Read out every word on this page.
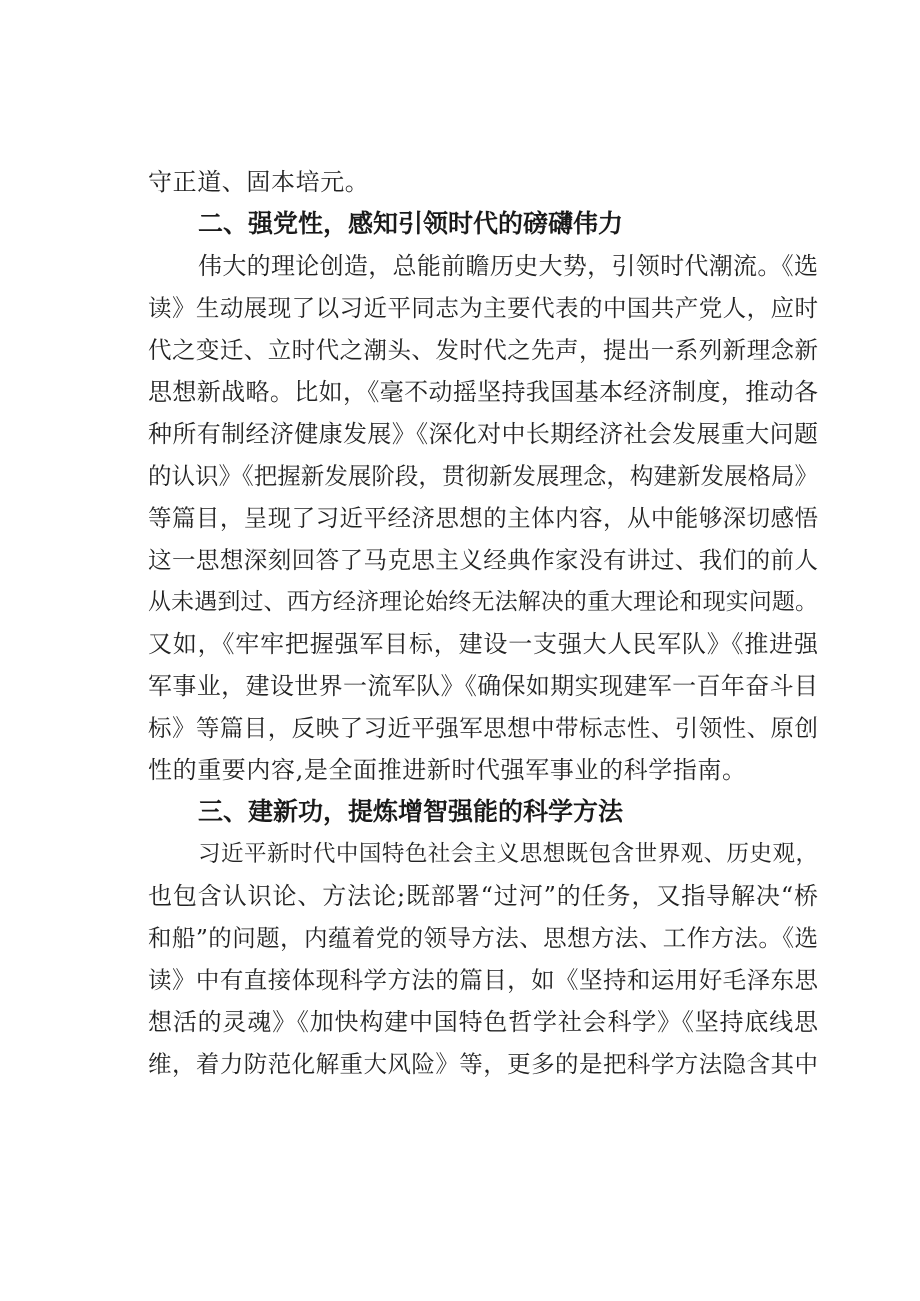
守正道、固本培元。
二、强党性，感知引领时代的磅礴伟力
伟大的理论创造，总能前瞻历史大势，引领时代潮流。《选
读》生动展现了以习近平同志为主要代表的中国共产党人，应时
代之变迁、立时代之潮头、发时代之先声，提出一系列新理念新
思想新战略。比如，《毫不动摇坚持我国基本经济制度，推动各
种所有制经济健康发展》《深化对中长期经济社会发展重大问题
的认识》《把握新发展阶段，贯彻新发展理念，构建新发展格局》
等篇目，呈现了习近平经济思想的主体内容，从中能够深切感悟
这一思想深刻回答了马克思主义经典作家没有讲过、我们的前人
从未遇到过、西方经济理论始终无法解决的重大理论和现实问题。
又如，《牢牢把握强军目标，建设一支强大人民军队》《推进强
军事业，建设世界一流军队》《确保如期实现建军一百年奋斗目
标》等篇目，反映了习近平强军思想中带标志性、引领性、原创
性的重要内容,是全面推进新时代强军事业的科学指南。
三、建新功，提炼增智强能的科学方法
习近平新时代中国特色社会主义思想既包含世界观、历史观，
也包含认识论、方法论;既部署“过河”的任务，又指导解决“桥
和船”的问题，内蕴着党的领导方法、思想方法、工作方法。《选
读》中有直接体现科学方法的篇目，如《坚持和运用好毛泽东思
想活的灵魂》《加快构建中国特色哲学社会科学》《坚持底线思
维，着力防范化解重大风险》等，更多的是把科学方法隐含其中
